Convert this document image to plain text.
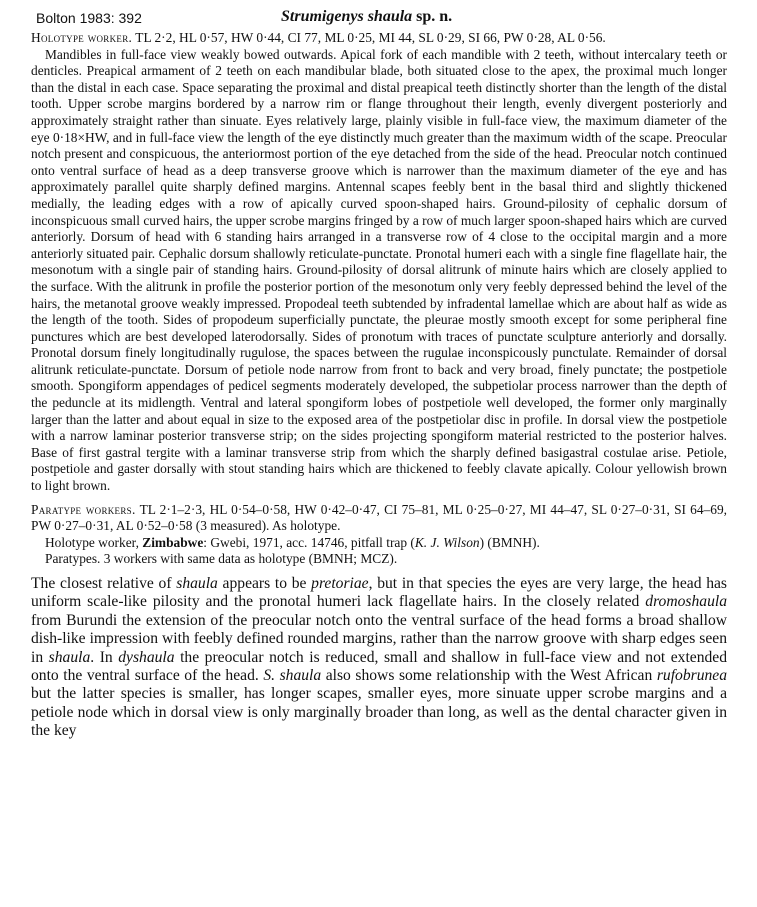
Bolton 1983: 392	Strumigenys shaula sp. n.

Holotype worker. TL 2·2, HL 0·57, HW 0·44, CI 77, ML 0·25, MI 44, SL 0·29, SI 66, PW 0·28, AL 0·56.

Mandibles in full-face view weakly bowed outwards. Apical fork of each mandible with 2 teeth, without intercalary teeth or denticles. Preapical armament of 2 teeth on each mandibular blade, both situated close to the apex, the proximal much longer than the distal in each case. Space separating the proximal and distal preapical teeth distinctly shorter than the length of the distal tooth. Upper scrobe margins bordered by a narrow rim or flange throughout their length, evenly divergent posteriorly and approximately straight rather than sinuate. Eyes relatively large, plainly visible in full-face view, the maximum diameter of the eye 0·18×HW, and in full-face view the length of the eye distinctly much greater than the maximum width of the scape. Preocular notch present and conspicuous, the anteriormost portion of the eye detached from the side of the head. Preocular notch continued onto ventral surface of head as a deep transverse groove which is narrower than the maximum diameter of the eye and has approximately parallel quite sharply defined margins. Antennal scapes feebly bent in the basal third and slightly thickened medially, the leading edges with a row of apically curved spoon-shaped hairs. Ground-pilosity of cephalic dorsum of inconspicuous small curved hairs, the upper scrobe margins fringed by a row of much larger spoon-shaped hairs which are curved anteriorly. Dorsum of head with 6 standing hairs arranged in a transverse row of 4 close to the occipital margin and a more anteriorly situated pair. Cephalic dorsum shallowly reticulate-punctate. Pronotal humeri each with a single fine flagellate hair, the mesonotum with a single pair of standing hairs. Ground-pilosity of dorsal alitrunk of minute hairs which are closely applied to the surface. With the alitrunk in profile the posterior portion of the mesonotum only very feebly depressed behind the level of the hairs, the metanotal groove weakly impressed. Propodeal teeth subtended by infradental lamellae which are about half as wide as the length of the tooth. Sides of propodeum superficially punctate, the pleurae mostly smooth except for some peripheral fine punctures which are best developed laterodorsally. Sides of pronotum with traces of punctate sculpture anteriorly and dorsally. Pronotal dorsum finely longitudinally rugulose, the spaces between the rugulae inconspicously punctulate. Remainder of dorsal alitrunk reticulate-punctate. Dorsum of petiole node narrow from front to back and very broad, finely punctate; the postpetiole smooth. Spongiform appendages of pedicel segments moderately developed, the subpetiolar process narrower than the depth of the peduncle at its midlength. Ventral and lateral spongiform lobes of postpetiole well developed, the former only marginally larger than the latter and about equal in size to the exposed area of the postpetiolar disc in profile. In dorsal view the postpetiole with a narrow laminar posterior transverse strip; on the sides projecting spongiform material restricted to the posterior halves. Base of first gastral tergite with a laminar transverse strip from which the sharply defined basigastral costulae arise. Petiole, postpetiole and gaster dorsally with stout standing hairs which are thickened to feebly clavate apically. Colour yellowish brown to light brown.

Paratype workers. TL 2·1–2·3, HL 0·54–0·58, HW 0·42–0·47, CI 75–81, ML 0·25–0·27, MI 44–47, SL 0·27–0·31, SI 64–69, PW 0·27–0·31, AL 0·52–0·58 (3 measured). As holotype.

Holotype worker, Zimbabwe: Gwebi, 1971, acc. 14746, pitfall trap (K. J. Wilson) (BMNH).

Paratypes. 3 workers with same data as holotype (BMNH; MCZ).

The closest relative of shaula appears to be pretoriae, but in that species the eyes are very large, the head has uniform scale-like pilosity and the pronotal humeri lack flagellate hairs. In the closely related dromoshaula from Burundi the extension of the preocular notch onto the ventral surface of the head forms a broad shallow dish-like impression with feebly defined rounded margins, rather than the narrow groove with sharp edges seen in shaula. In dyshaula the preocular notch is reduced, small and shallow in full-face view and not extended onto the ventral surface of the head. S. shaula also shows some relationship with the West African rufobrunea but the latter species is smaller, has longer scapes, smaller eyes, more sinuate upper scrobe margins and a petiole node which in dorsal view is only marginally broader than long, as well as the dental character given in the key
